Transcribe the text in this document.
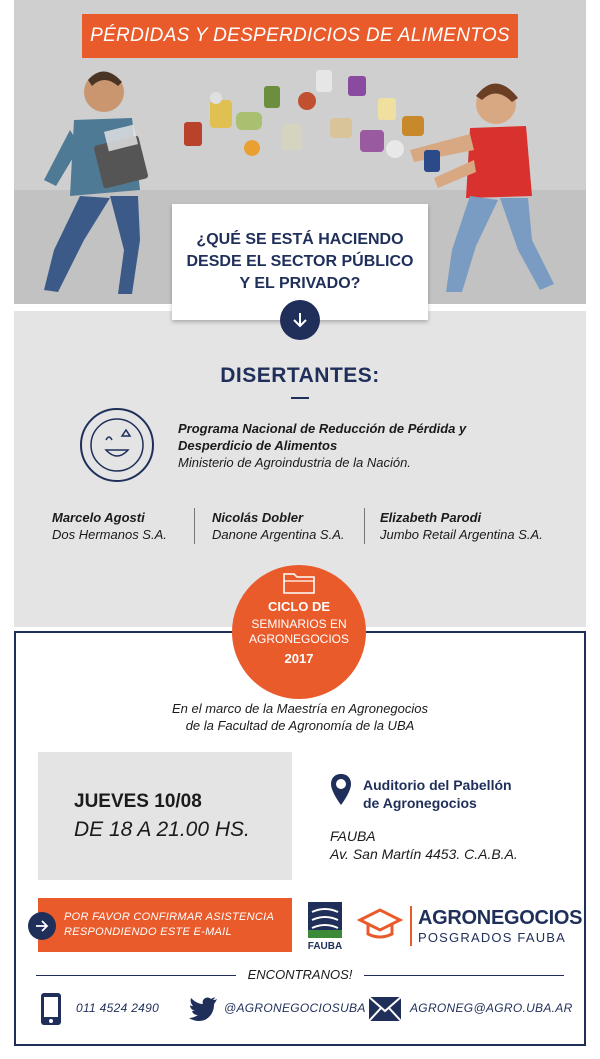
PÉRDIDAS Y DESPERDICIOS DE ALIMENTOS
¿QUÉ SE ESTÁ HACIENDO
DESDE EL SECTOR PÚBLICO
Y EL PRIVADO?
DISERTANTES:
Programa Nacional de Reducción de Pérdida y
Desperdicio de Alimentos
Ministerio de Agroindustria de la Nación.
Marcelo Agosti
Dos Hermanos S.A.
Nicolás Dobler
Danone Argentina S.A.
Elizabeth Parodi
Jumbo Retail Argentina S.A.
CICLO DE
SEMINARIOS EN
AGRONEGOCIOS
2017
En el marco de la Maestría en Agronegocios
de la Facultad de Agronomía de la UBA
JUEVES 10/08
DE 18 A 21.00 HS.
Auditorio del Pabellón
de Agronegocios
FAUBA
Av. San Martín 4453. C.A.B.A.
POR FAVOR CONFIRMAR ASISTENCIA
RESPONDIENDO ESTE E-MAIL
FAUBA
AGRONEGOCIOS
POSGRADOS FAUBA
ENCONTRANOS!
011 4524 2490	@AGRONEGOCIOSUBA	AGRONEG@AGRO.UBA.AR
